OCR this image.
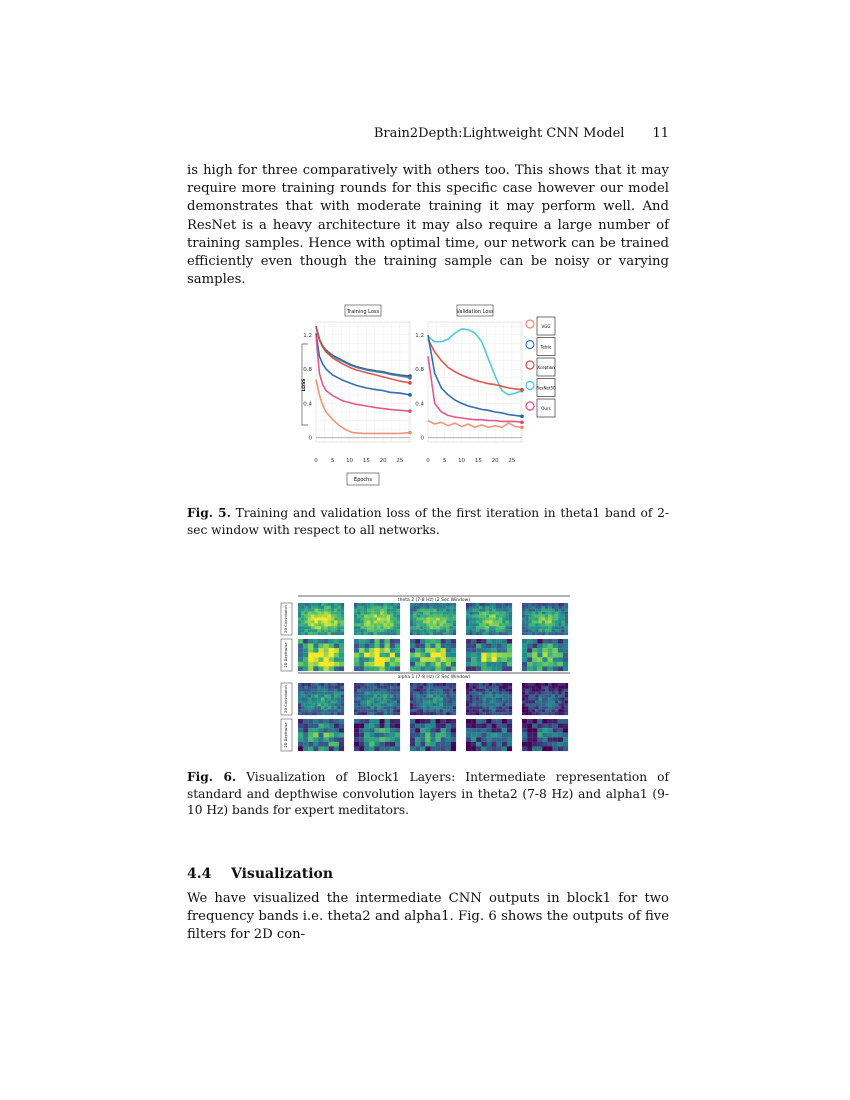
Brain2Depth:Lightweight CNN Model 11

is high for three comparatively with others too. This shows that it may require more training rounds for this specific case however our model demonstrates that with moderate training it may perform well. And ResNet is a heavy architecture it may also require a large number of training samples. Hence with optimal time, our network can be trained efficiently even though the training sample can be noisy or varying samples.

0 5 10 15 20 25
0
0.4
0.8
1.2
Training Loss
Epochs
LOSS
0 5 10 15 20 25
0
0.4
0.8
1.2
Validation Loss
VGG
Tetric
Xception
ResNet50
Ours

Fig. 5. Training and validation loss of the first iteration in theta1 band of 2-sec window with respect to all networks.

theta 2 (7-8 Hz) (2 Sec Window)
alpha 1 (7-8 Hz) (2 Sec Window)
2D Convolution
2D Depthwise
2D Convolution
2D Depthwise

Fig. 6. Visualization of Block1 Layers: Intermediate representation of standard and depthwise convolution layers in theta2 (7-8 Hz) and alpha1 (9-10 Hz) bands for expert meditators.

4.4 Visualization

We have visualized the intermediate CNN outputs in block1 for two frequency bands i.e. theta2 and alpha1. Fig. 6 shows the outputs of five filters for 2D con-
